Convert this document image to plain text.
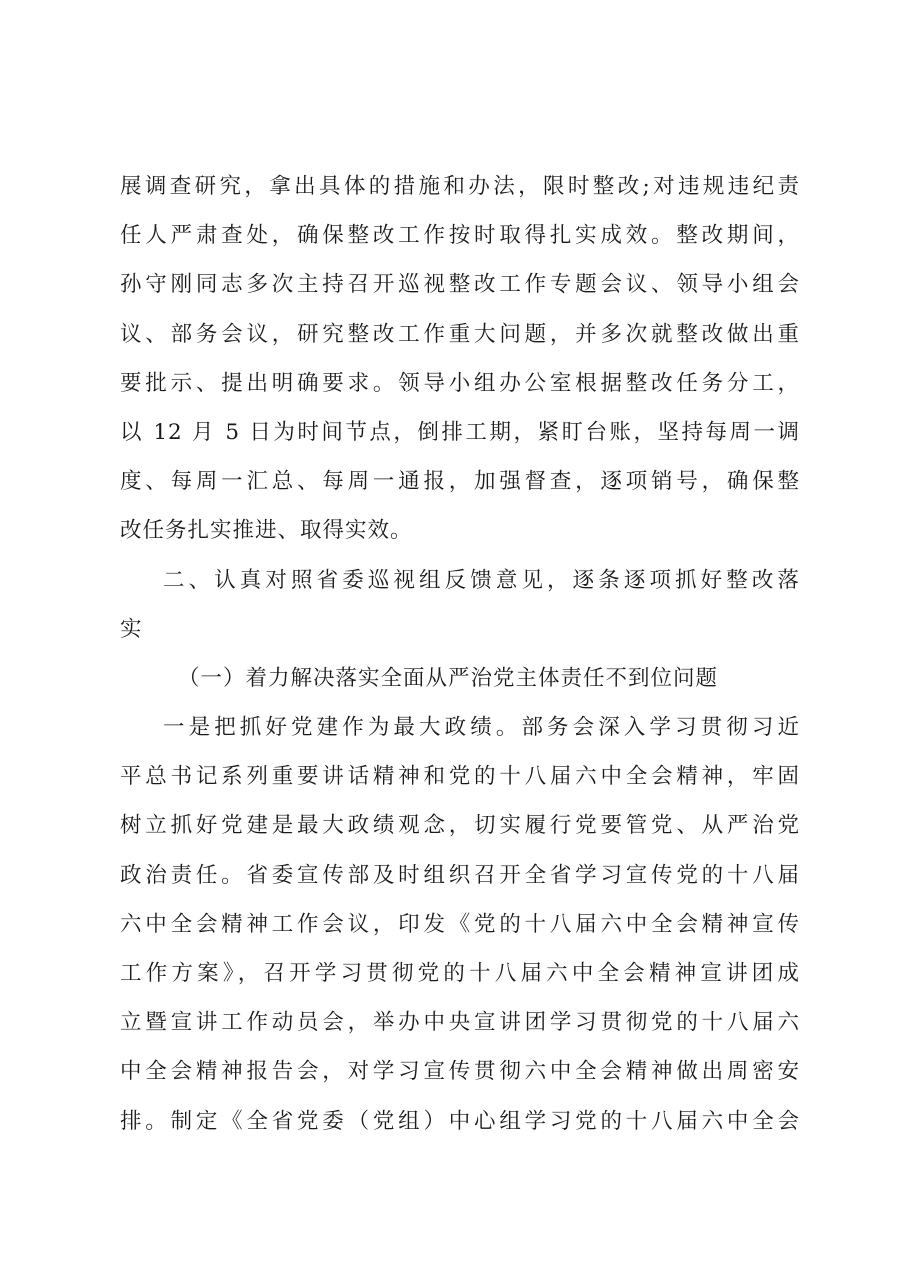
展调查研究，拿出具体的措施和办法，限时整改;对违规违纪责
任人严肃查处，确保整改工作按时取得扎实成效。整改期间，
孙守刚同志多次主持召开巡视整改工作专题会议、领导小组会
议、部务会议，研究整改工作重大问题，并多次就整改做出重
要批示、提出明确要求。领导小组办公室根据整改任务分工，
以 12 月 5 日为时间节点，倒排工期，紧盯台账，坚持每周一调
度、每周一汇总、每周一通报，加强督查，逐项销号，确保整
改任务扎实推进、取得实效。
二、认真对照省委巡视组反馈意见，逐条逐项抓好整改落
实
（一）着力解决落实全面从严治党主体责任不到位问题
一是把抓好党建作为最大政绩。部务会深入学习贯彻习近
平总书记系列重要讲话精神和党的十八届六中全会精神，牢固
树立抓好党建是最大政绩观念，切实履行党要管党、从严治党
政治责任。省委宣传部及时组织召开全省学习宣传党的十八届
六中全会精神工作会议，印发《党的十八届六中全会精神宣传
工作方案》，召开学习贯彻党的十八届六中全会精神宣讲团成
立暨宣讲工作动员会，举办中央宣讲团学习贯彻党的十八届六
中全会精神报告会，对学习宣传贯彻六中全会精神做出周密安
排。制定《全省党委（党组）中心组学习党的十八届六中全会
